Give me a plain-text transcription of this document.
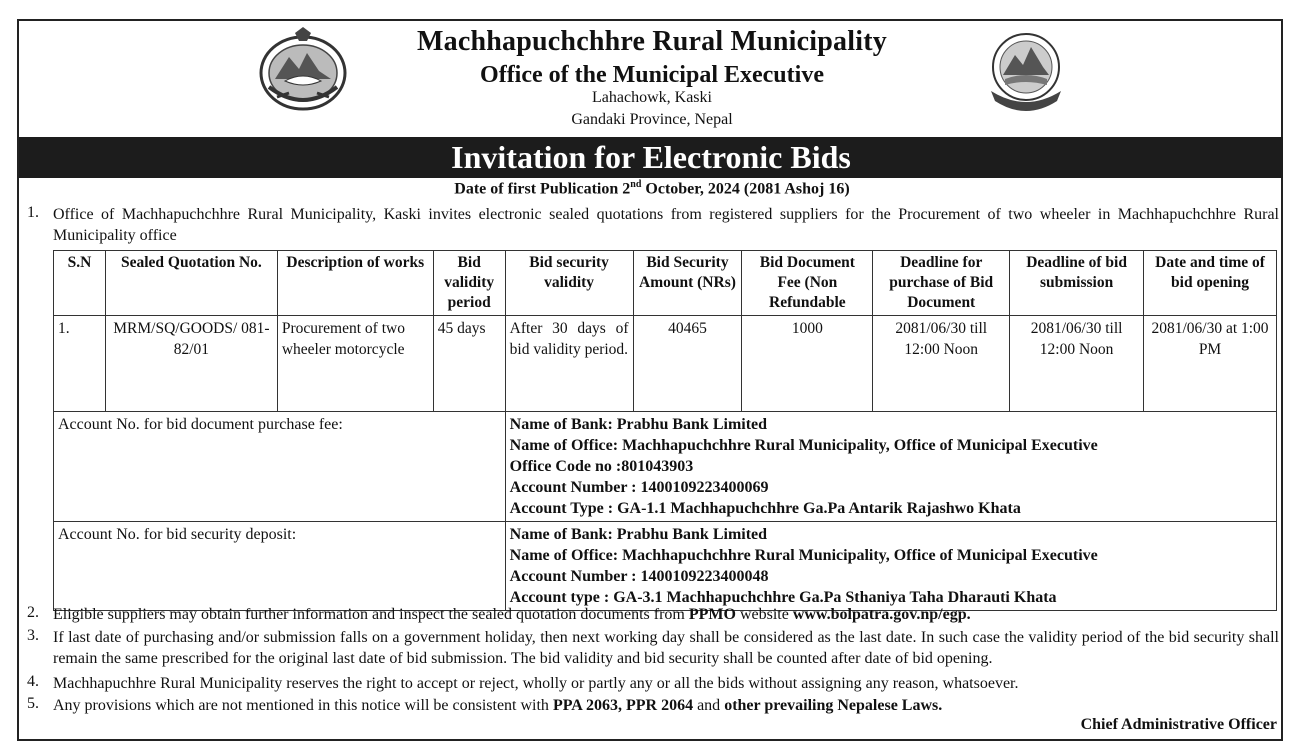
Machhapuchchhre Rural Municipality
Office of the Municipal Executive
Lahachowk, Kaski
Gandaki Province, Nepal
Invitation for Electronic Bids
Date of first Publication 2nd October, 2024 (2081 Ashoj 16)
1. Office of Machhapuchchhre Rural Municipality, Kaski invites electronic sealed quotations from registered suppliers for the Procurement of two wheeler in Machhapuchchhre Rural Municipality office
S.N	Sealed Quotation No.	Description of works	Bid validity period	Bid security validity	Bid Security Amount (NRs)	Bid Document Fee (Non Refundable	Deadline for purchase of Bid Document	Deadline of bid submission	Date and time of bid opening
1.	MRM/SQ/GOODS/ 081-82/01	Procurement of two wheeler motorcycle	45 days	After 30 days of bid validity period.	40465	1000	2081/06/30 till 12:00 Noon	2081/06/30 till 12:00 Noon	2081/06/30 at 1:00 PM
Account No. for bid document purchase fee:				Name of Bank: Prabhu Bank Limited
Name of Office: Machhapuchchhre Rural Municipality, Office of Municipal Executive
Office Code no :801043903
Account Number : 1400109223400069
Account Type : GA-1.1 Machhapuchchhre Ga.Pa Antarik Rajashwo Khata					

Account No. for bid security deposit:				Name of Bank: Prabhu Bank Limited
Name of Office: Machhapuchchhre Rural Municipality, Office of Municipal Executive
Account Number : 1400109223400048
Account type : GA-3.1 Machhapuchchhre Ga.Pa Sthaniya Taha Dharauti Khata					
2. Eligible suppliers may obtain further information and inspect the sealed quotation documents from PPMO website www.bolpatra.gov.np/egp.
3. If last date of purchasing and/or submission falls on a government holiday, then next working day shall be considered as the last date. In such case the validity period of the bid security shall remain the same prescribed for the original last date of bid submission. The bid validity and bid security shall be counted after date of bid opening.
4. Machhapuchhre Rural Municipality reserves the right to accept or reject, wholly or partly any or all the bids without assigning any reason, whatsoever.
5. Any provisions which are not mentioned in this notice will be consistent with PPA 2063, PPR 2064 and other prevailing Nepalese Laws.
Chief Administrative Officer
